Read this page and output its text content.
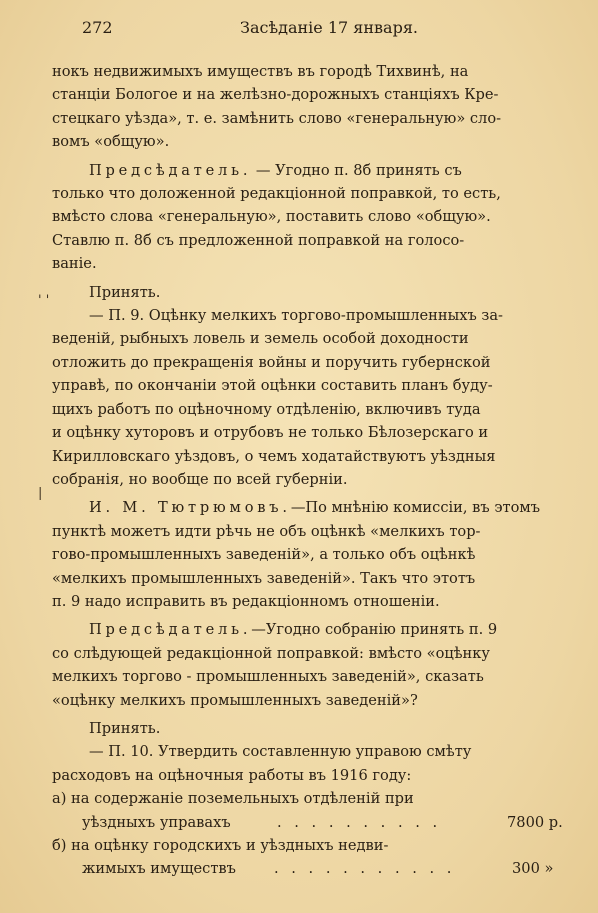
272	Засѣданіе 17 января.
' '
|

нокъ недвижимыхъ имуществъ въ городѣ Тихвинѣ, на

станціи Бологое и на желѣзно-дорожныхъ станціяхъ Кре-

стецкаго уѣзда», т. е. замѣнить слово «генеральную» сло-

вомъ «общую».

Предсѣдатель. — Угодно п. 8б принять съ

только что доложенной редакціонной поправкой, то есть,

вмѣсто слова «генеральную», поставить слово «общую».

Ставлю п. 8б съ предложенной поправкой на голосо-

ваніе.

Принять.

— П. 9. Оцѣнку мелкихъ торгово-промышленныхъ за-

веденій, рыбныхъ ловель и земель особой доходности

отложить до прекращенія войны и поручить губернской

управѣ, по окончаніи этой оцѣнки составить планъ буду-

щихъ работъ по оцѣночному отдѣленію, включивъ туда

и оцѣнку хуторовъ и отрубовъ не только Бѣлозерскаго и

Кирилловскаго уѣздовъ, о чемъ ходатайствуютъ уѣздныя

собранія, но вообще по всей губерніи.

И. М. Тютрюмовъ.—По мнѣнію комисcіи, въ этомъ

пунктѣ можетъ идти рѣчь не объ оцѣнкѣ «мелкихъ тор-

гово-промышленныхъ заведеній», а только объ оцѣнкѣ

«мелкихъ промышленныхъ заведеній». Такъ что этотъ

п. 9 надо исправить въ редакціонномъ отношеніи.

Предсѣдатель.—Угодно собранію принять п. 9

со слѣдующей редакціонной поправкой: вмѣсто «оцѣнку

мелкихъ торгово - промышленныхъ заведеній», сказать

«оцѣнку мелкихъ промышленныхъ заведеній»?

Принять.

— П. 10. Утвердить составленную управою смѣту

расходовъ на оцѣночныя работы въ 1916 году:

а) на содержаніе поземельныхъ отдѣленій при

уѣздныхъ управахъ	. . . . . . . . . .	7800 р.

б) на оцѣнку городскихъ и уѣздныхъ недви-

жимыхъ имуществъ	. . . . . . . . . . .	300 »
